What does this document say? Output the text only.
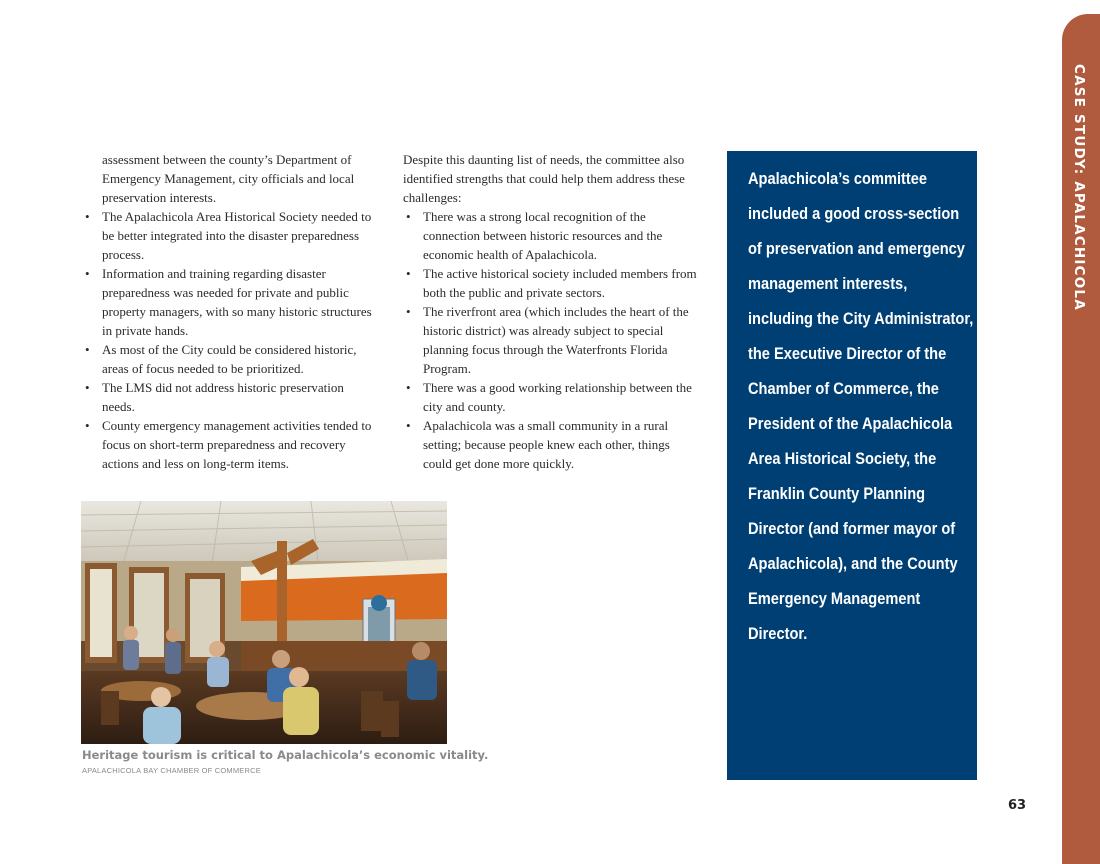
assessment between the county’s Department of Emergency Management, city officials and local preservation interests.

• The Apalachicola Area Historical Society needed to be better integrated into the disaster preparedness process.
• Information and training regarding disaster preparedness was needed for private and public property managers, with so many historic structures in private hands.
• As most of the City could be considered historic, areas of focus needed to be prioritized.
• The LMS did not address historic preservation needs.
• County emergency management activities tended to focus on short-term preparedness and recovery actions and less on long-term items.

Despite this daunting list of needs, the committee also identified strengths that could help them address these challenges:

• There was a strong local recognition of the connection between historic resources and the economic health of Apalachicola.
• The active historical society included members from both the public and private sectors.
• The riverfront area (which includes the heart of the historic district) was already subject to special planning focus through the Waterfronts Florida Program.
• There was a good working relationship between the city and county.
• Apalachicola was a small community in a rural setting; because people knew each other, things could get done more quickly.
Heritage tourism is critical to Apalachicola’s economic vitality.
APALACHICOLA BAY CHAMBER OF COMMERCE
Apalachicola’s committee included a good cross-section of preservation and emergency management interests, including the City Administrator, the Executive Director of the Chamber of Commerce, the President of the Apalachicola Area Historical Society, the Franklin County Planning Director (and former mayor of Apalachicola), and the County Emergency Management Director.
CASE STUDY: APALACHICOLA
63
